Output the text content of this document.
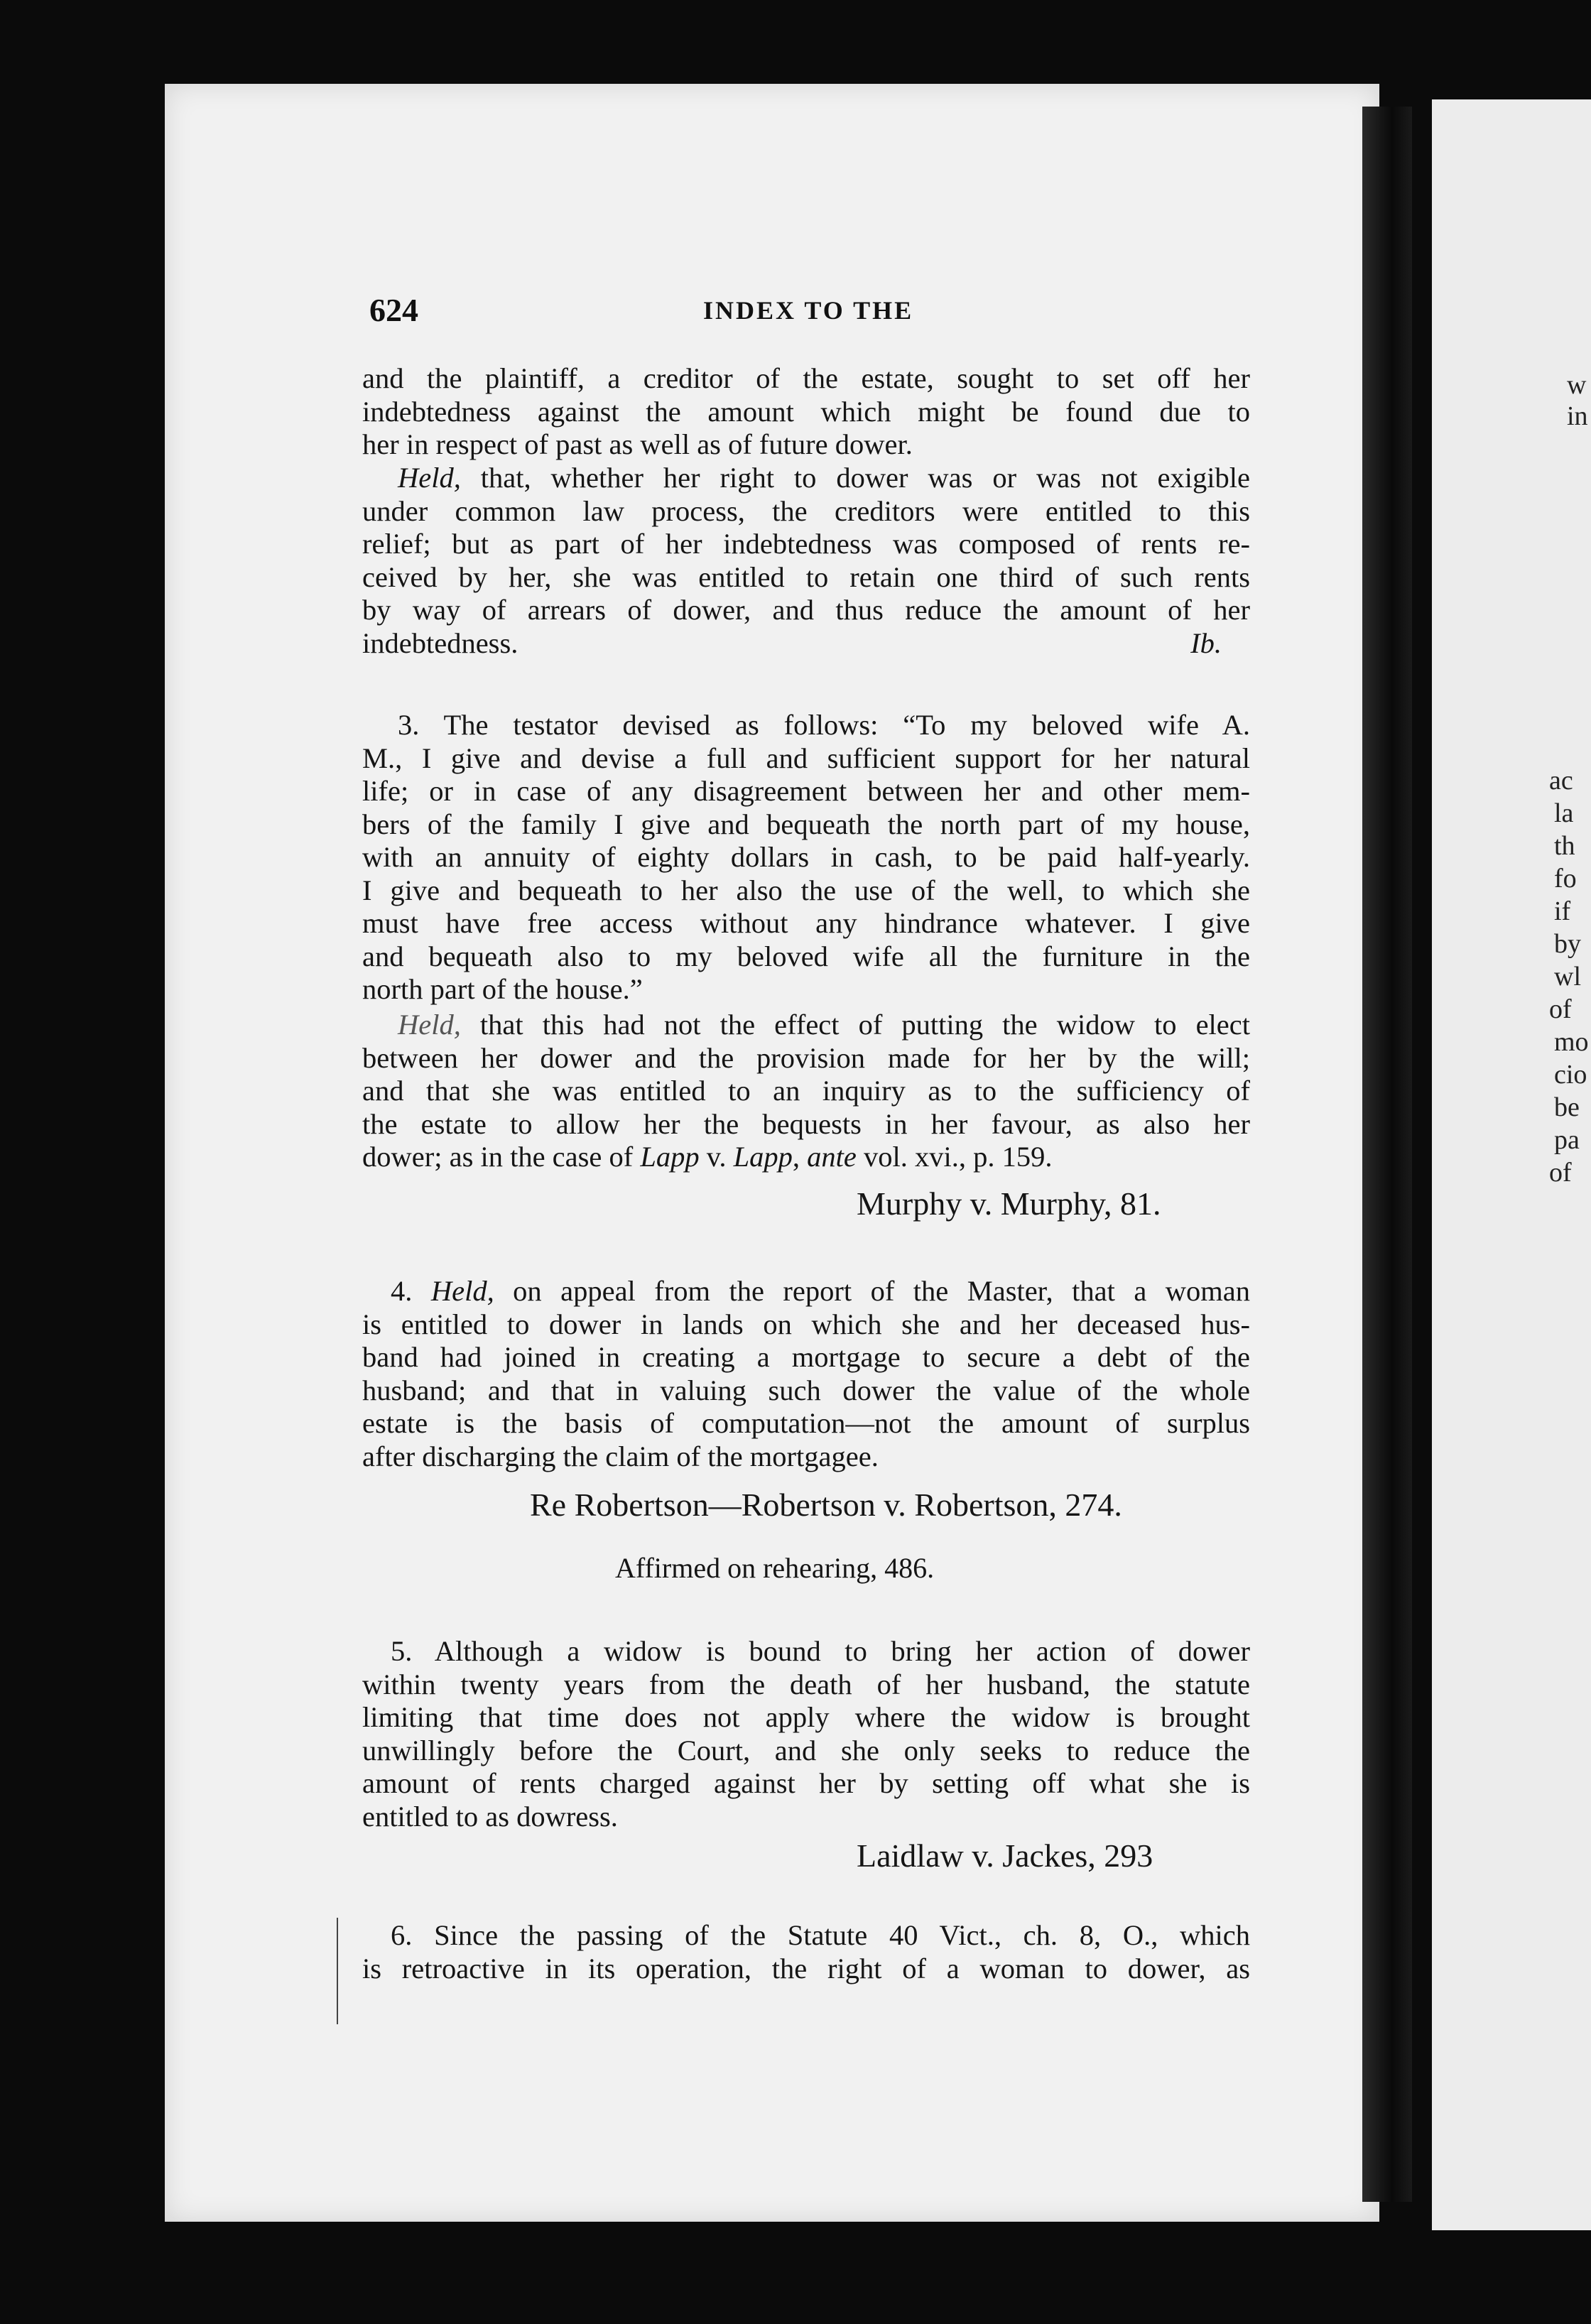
w
in
ac
la
th
fo
if
by
wl
of
mo
cio
be
pa
of
624	INDEX TO THE
and the plaintiff, a creditor of the estate, sought to set off her
indebtedness against the amount which might be found due to
her in respect of past as well as of future dower.
Held, that, whether her right to dower was or was not exigible
under common law process, the creditors were entitled to this
relief; but as part of her indebtedness was composed of rents re-
ceived by her, she was entitled to retain one third of such rents
by way of arrears of dower, and thus reduce the amount of her
indebtedness.	Ib.
3. The testator devised as follows: “To my beloved wife A.
M., I give and devise a full and sufficient support for her natural
life; or in case of any disagreement between her and other mem-
bers of the family I give and bequeath the north part of my house,
with an annuity of eighty dollars in cash, to be paid half-yearly.
I give and bequeath to her also the use of the well, to which she
must have free access without any hindrance whatever. I give
and bequeath also to my beloved wife all the furniture in the
north part of the house.”
Held, that this had not the effect of putting the widow to elect
between her dower and the provision made for her by the will;
and that she was entitled to an inquiry as to the sufficiency of
the estate to allow her the bequests in her favour, as also her
dower; as in the case of Lapp v. Lapp, ante vol. xvi., p. 159.
Murphy v. Murphy, 81.
4. Held, on appeal from the report of the Master, that a woman
is entitled to dower in lands on which she and her deceased hus-
band had joined in creating a mortgage to secure a debt of the
husband; and that in valuing such dower the value of the whole
estate is the basis of computation—not the amount of surplus
after discharging the claim of the mortgagee.
Re Robertson—Robertson v. Robertson, 274.
Affirmed on rehearing, 486.
5. Although a widow is bound to bring her action of dower
within twenty years from the death of her husband, the statute
limiting that time does not apply where the widow is brought
unwillingly before the Court, and she only seeks to reduce the
amount of rents charged against her by setting off what she is
entitled to as dowress.
Laidlaw v. Jackes, 293
6. Since the passing of the Statute 40 Vict., ch. 8, O., which
is retroactive in its operation, the right of a woman to dower, as
